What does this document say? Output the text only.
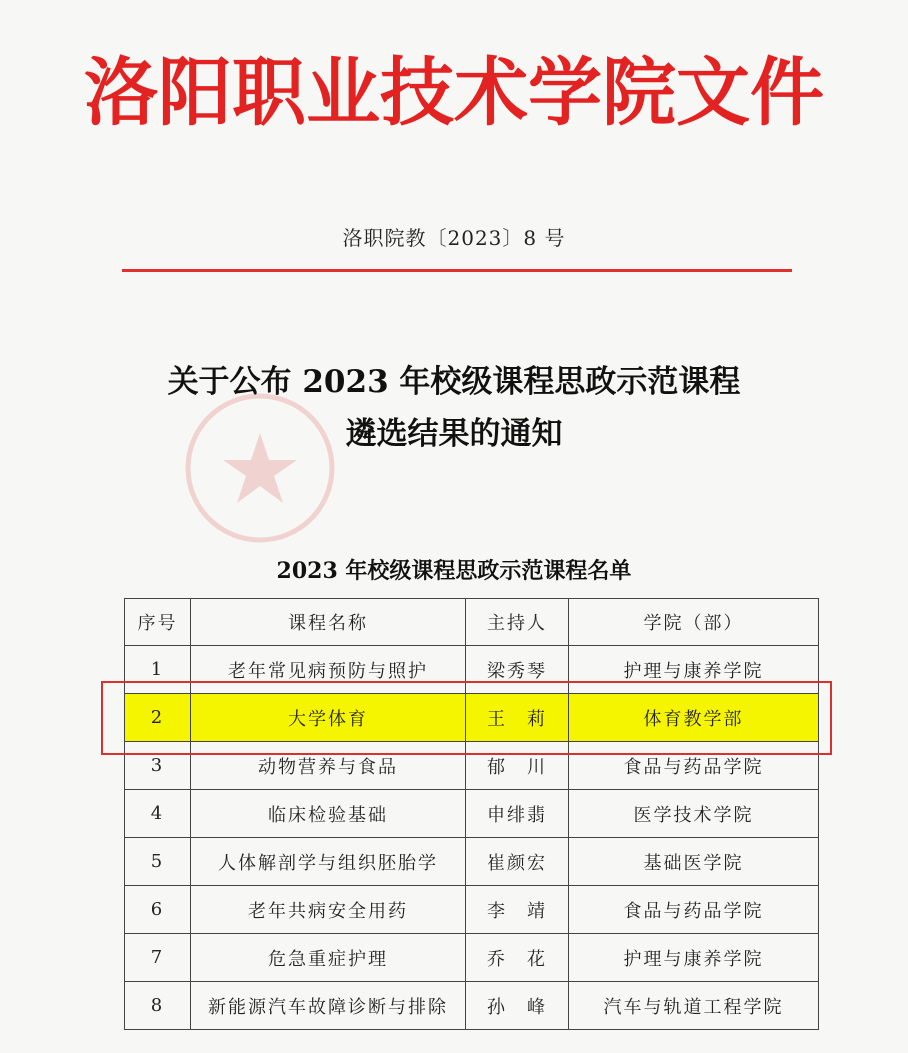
洛阳职业技术学院文件
洛职院教〔2023〕8 号
关于公布 2023 年校级课程思政示范课程
遴选结果的通知
2023 年校级课程思政示范课程名单
序号	课程名称	主持人	学院（部）
1	老年常见病预防与照护	梁秀琴	护理与康养学院
2	大学体育	王　莉	体育教学部
3	动物营养与食品	郁　川	食品与药品学院
4	临床检验基础	申绯翡	医学技术学院
5	人体解剖学与组织胚胎学	崔颜宏	基础医学院
6	老年共病安全用药	李　靖	食品与药品学院
7	危急重症护理	乔　花	护理与康养学院
8	新能源汽车故障诊断与排除	孙　峰	汽车与轨道工程学院
